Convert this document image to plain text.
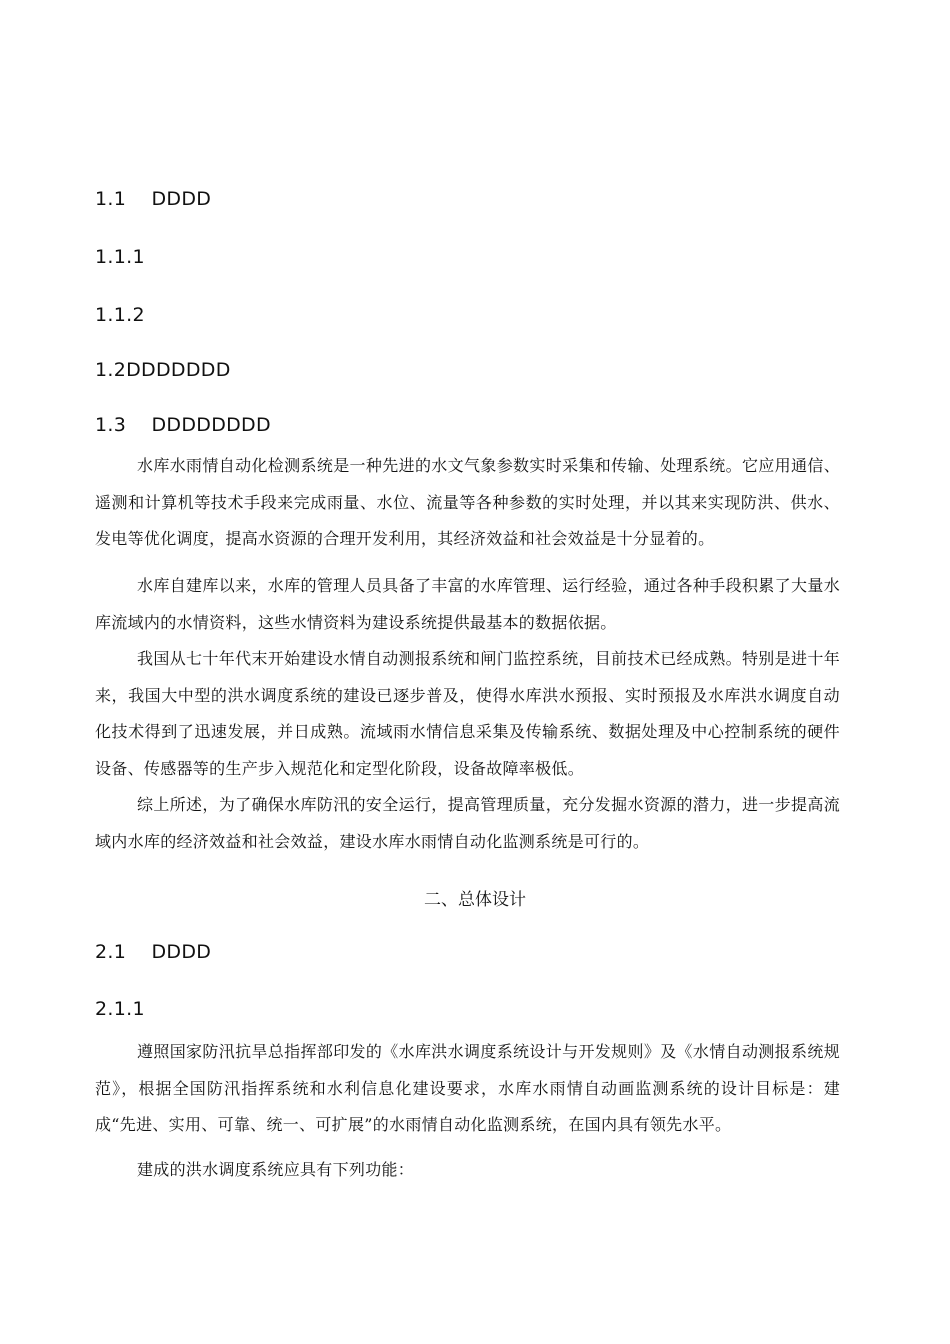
1.1    DDDD
1.1.1
1.1.2
1.2DDDDDDD
1.3    DDDDDDDD

水库水雨情自动化检测系统是一种先进的水文气象参数实时采集和传输、处理系统。它应用通信、遥测和计算机等技术手段来完成雨量、水位、流量等各种参数的实时处理，并以其来实现防洪、供水、发电等优化调度，提高水资源的合理开发利用，其经济效益和社会效益是十分显着的。

水库自建库以来，水库的管理人员具备了丰富的水库管理、运行经验，通过各种手段积累了大量水库流域内的水情资料，这些水情资料为建设系统提供最基本的数据依据。

我国从七十年代末开始建设水情自动测报系统和闸门监控系统，目前技术已经成熟。特别是进十年来，我国大中型的洪水调度系统的建设已逐步普及，使得水库洪水预报、实时预报及水库洪水调度自动化技术得到了迅速发展，并日成熟。流域雨水情信息采集及传输系统、数据处理及中心控制系统的硬件设备、传感器等的生产步入规范化和定型化阶段，设备故障率极低。

综上所述，为了确保水库防汛的安全运行，提高管理质量，充分发掘水资源的潜力，进一步提高流域内水库的经济效益和社会效益，建设水库水雨情自动化监测系统是可行的。

二、总体设计
2.1    DDDD
2.1.1

遵照国家防汛抗旱总指挥部印发的《水库洪水调度系统设计与开发规则》及《水情自动测报系统规范》，根据全国防汛指挥系统和水利信息化建设要求，水库水雨情自动画监测系统的设计目标是：建成“先进、实用、可靠、统一、可扩展”的水雨情自动化监测系统，在国内具有领先水平。

建成的洪水调度系统应具有下列功能：
